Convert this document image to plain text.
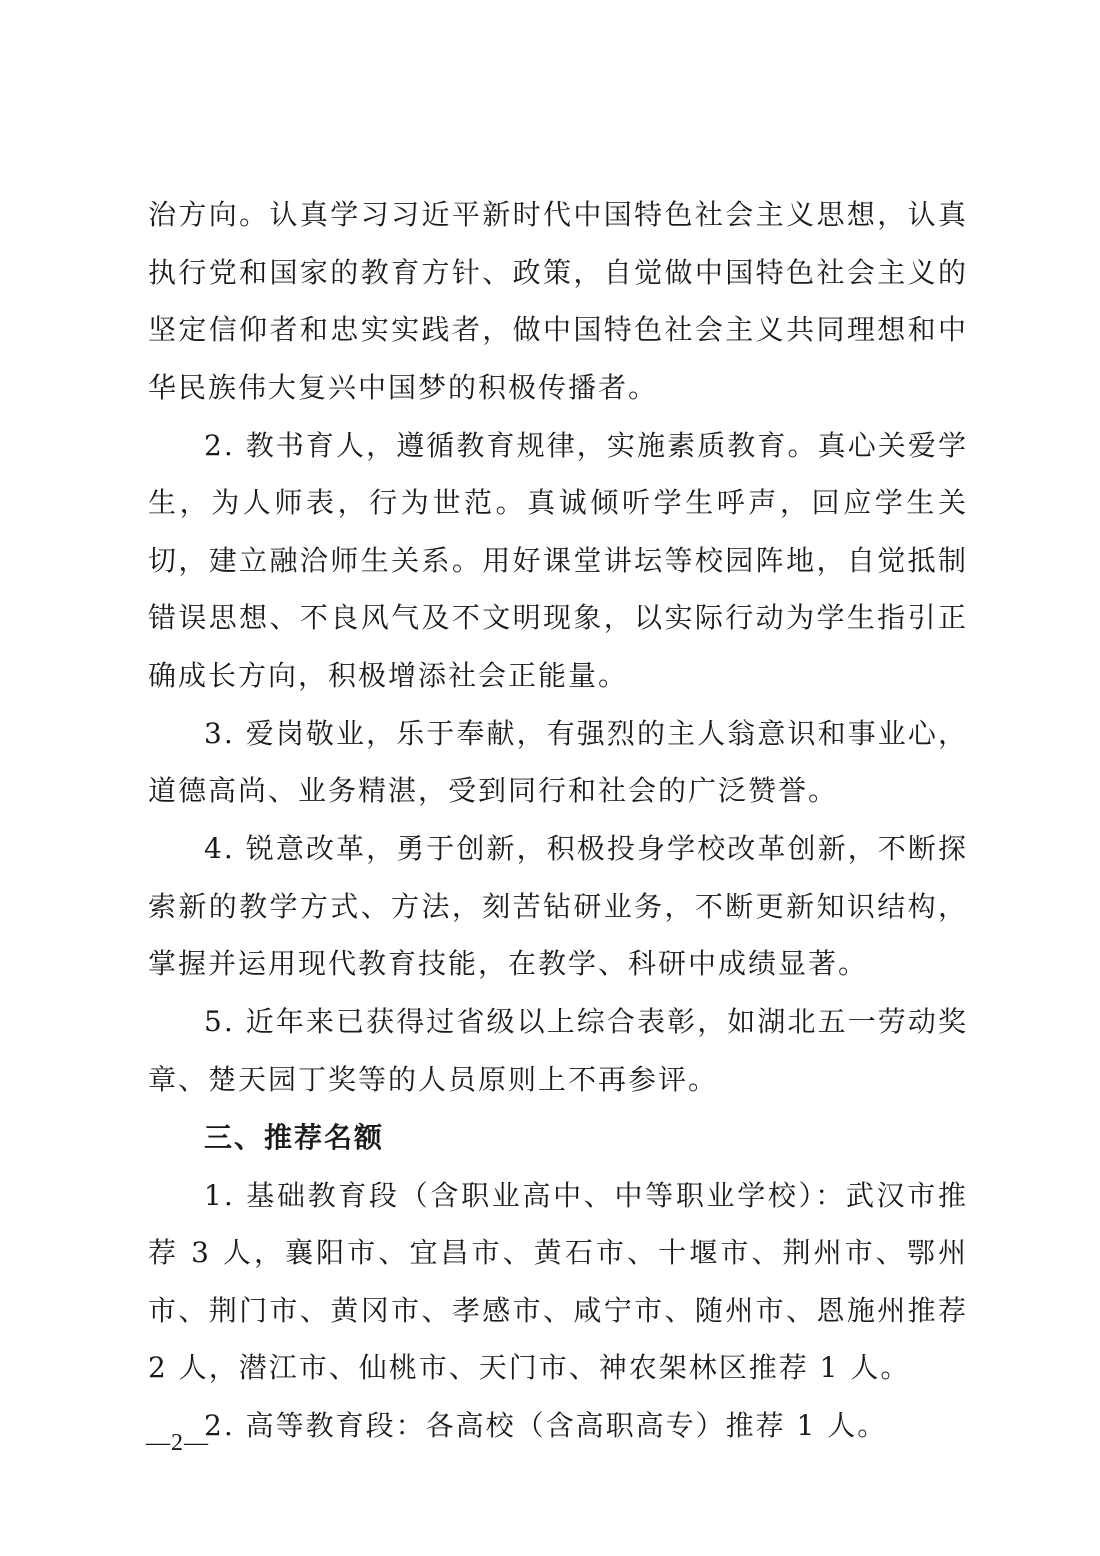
治方向。认真学习习近平新时代中国特色社会主义思想，认真执行党和国家的教育方针、政策，自觉做中国特色社会主义的坚定信仰者和忠实实践者，做中国特色社会主义共同理想和中华民族伟大复兴中国梦的积极传播者。

2. 教书育人，遵循教育规律，实施素质教育。真心关爱学生，为人师表，行为世范。真诚倾听学生呼声，回应学生关切，建立融洽师生关系。用好课堂讲坛等校园阵地，自觉抵制错误思想、不良风气及不文明现象，以实际行动为学生指引正确成长方向，积极增添社会正能量。

3. 爱岗敬业，乐于奉献，有强烈的主人翁意识和事业心，道德高尚、业务精湛，受到同行和社会的广泛赞誉。

4. 锐意改革，勇于创新，积极投身学校改革创新，不断探索新的教学方式、方法，刻苦钻研业务，不断更新知识结构，掌握并运用现代教育技能，在教学、科研中成绩显著。

5. 近年来已获得过省级以上综合表彰，如湖北五一劳动奖章、楚天园丁奖等的人员原则上不再参评。

三、推荐名额

1. 基础教育段（含职业高中、中等职业学校）：武汉市推荐 3 人，襄阳市、宜昌市、黄石市、十堰市、荆州市、鄂州市、荆门市、黄冈市、孝感市、咸宁市、随州市、恩施州推荐 2 人，潜江市、仙桃市、天门市、神农架林区推荐 1 人。

2. 高等教育段：各高校（含高职高专）推荐 1 人。

—2—
